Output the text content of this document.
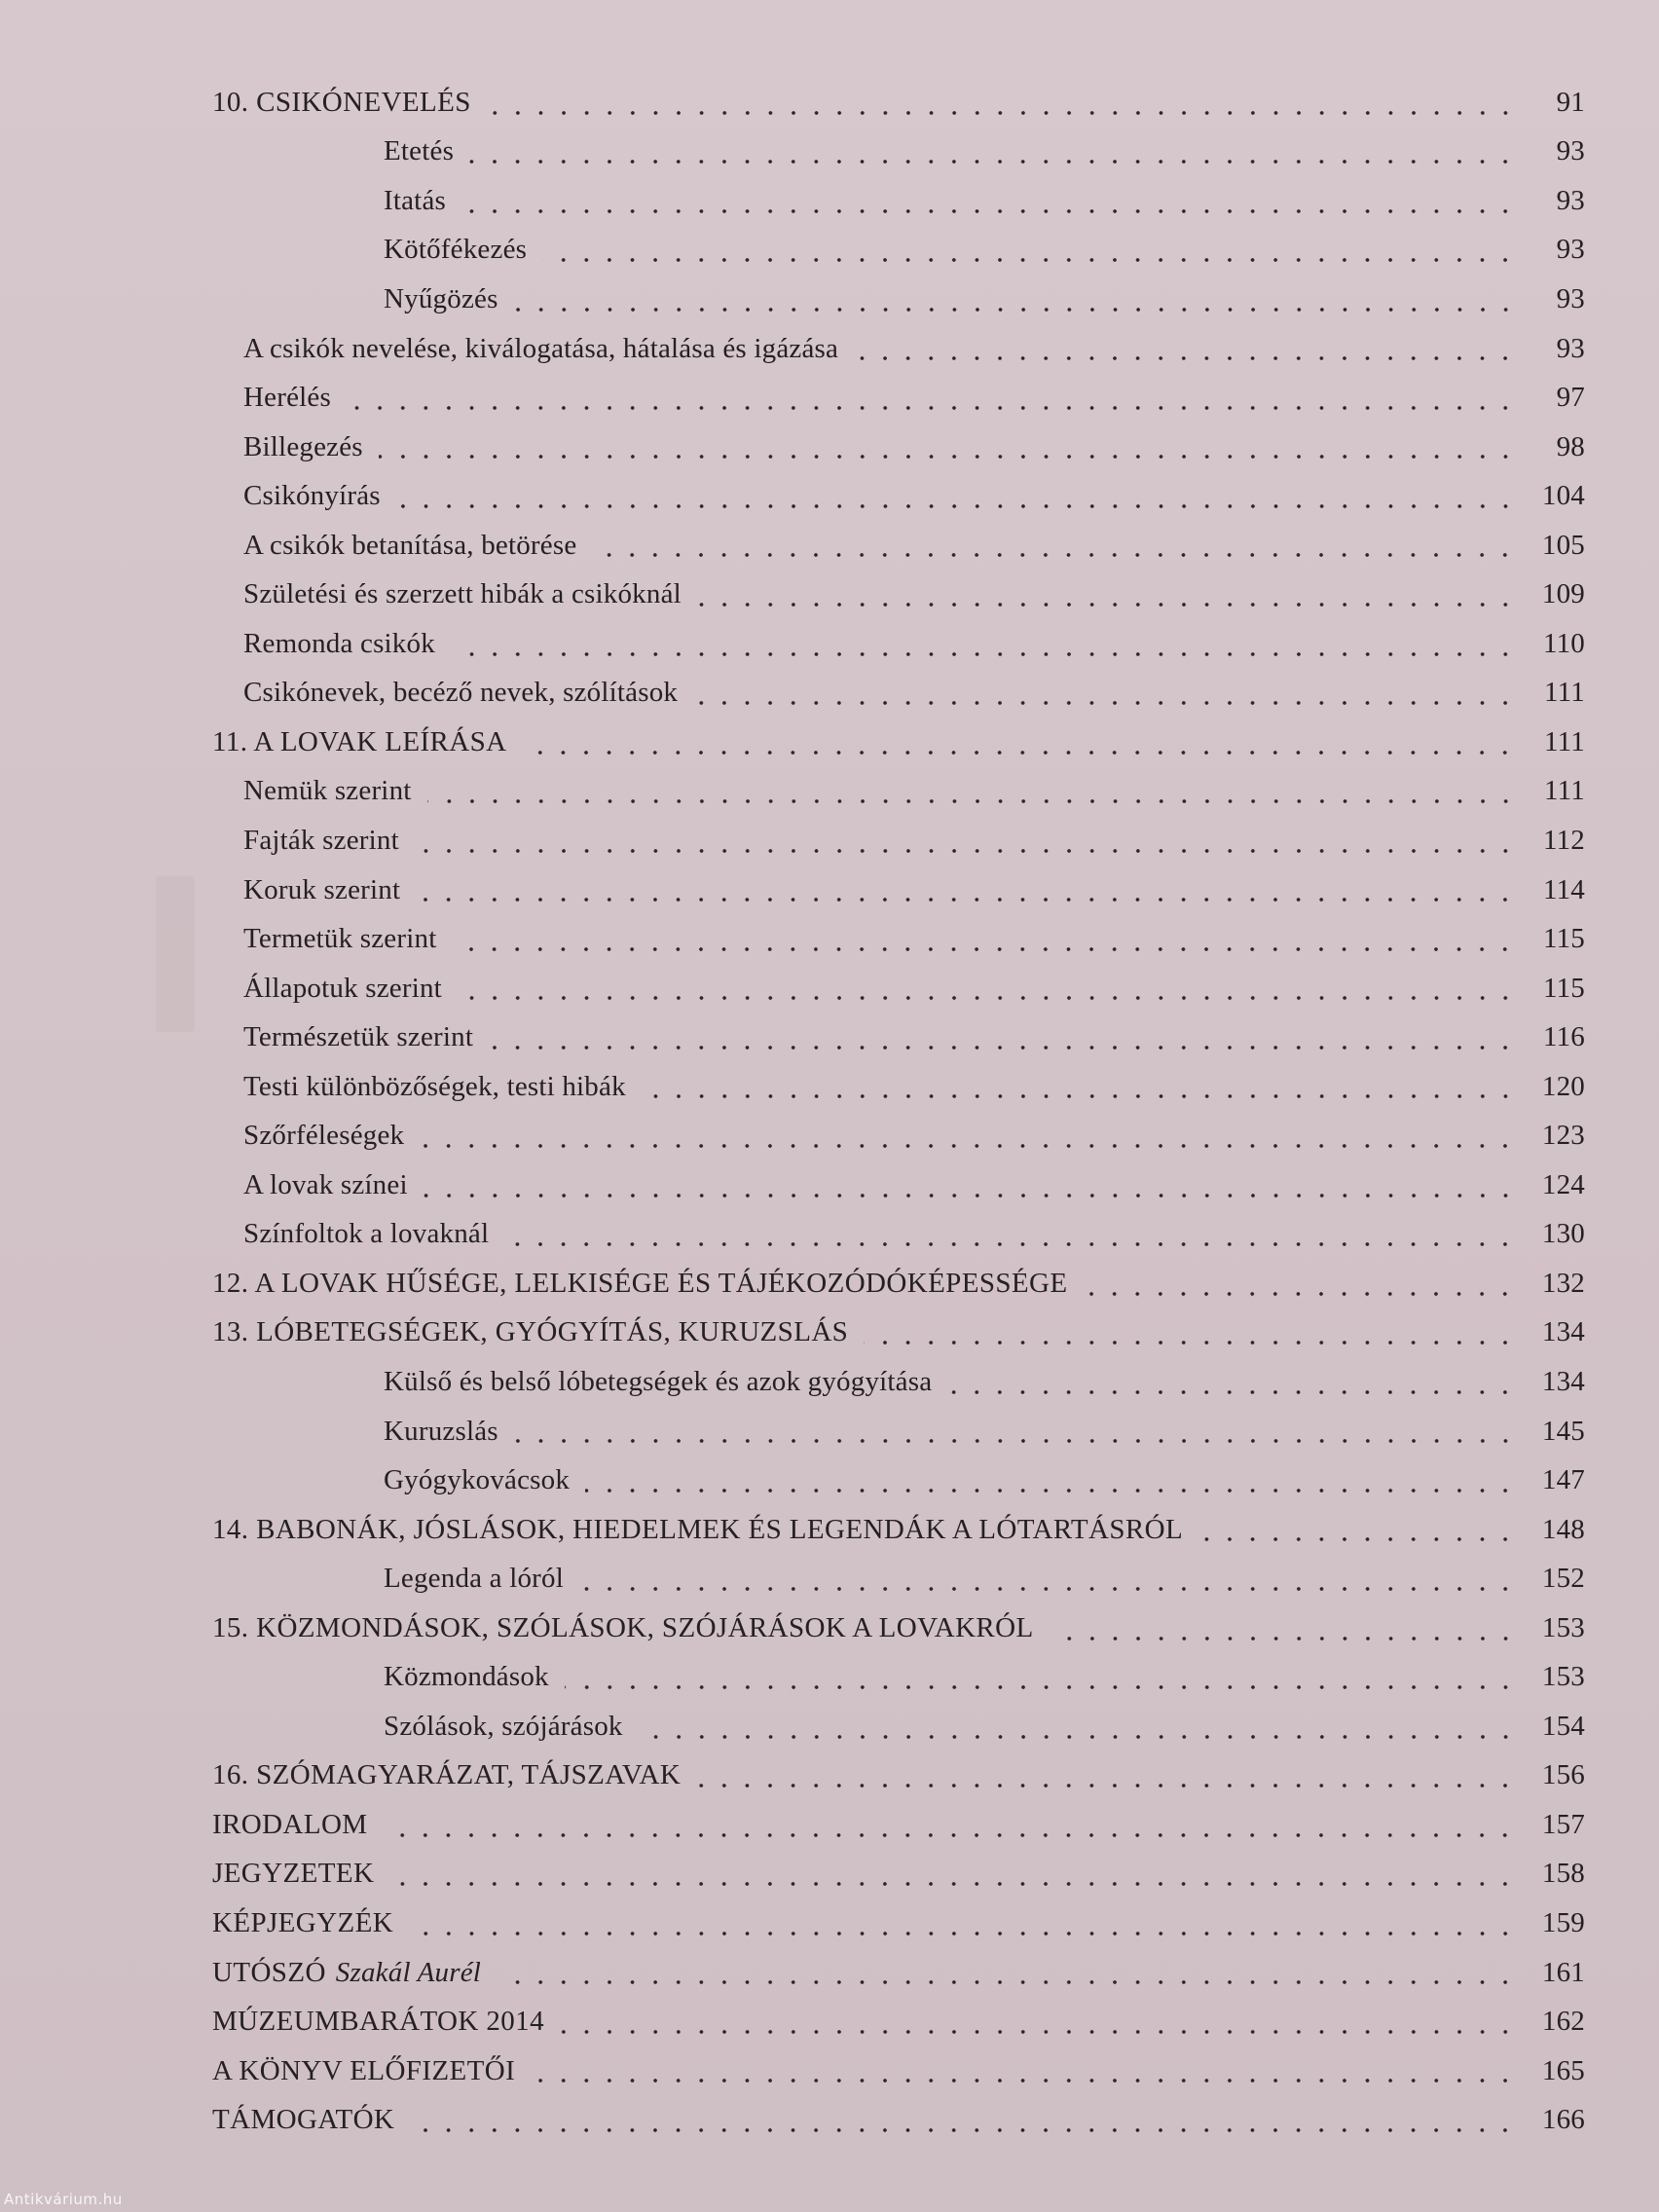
10. CSIKÓNEVELÉS	91
Etetés	93
Itatás	93
Kötőfékezés	93
Nyűgözés	93
A csikók nevelése, kiválogatása, hátalása és igázása	93
Herélés	97
Billegezés	98
Csikónyírás	104
A csikók betanítása, betörése	105
Születési és szerzett hibák a csikóknál	109
Remonda csikók	110
Csikónevek, becéző nevek, szólítások	111
11. A LOVAK LEÍRÁSA	111
Nemük szerint	111
Fajták szerint	112
Koruk szerint	114
Termetük szerint	115
Állapotuk szerint	115
Természetük szerint	116
Testi különbözőségek, testi hibák	120
Szőrféleségek	123
A lovak színei	124
Színfoltok a lovaknál	130
12. A LOVAK HŰSÉGE, LELKISÉGE ÉS TÁJÉKOZÓDÓKÉPESSÉGE	132
13. LÓBETEGSÉGEK, GYÓGYÍTÁS, KURUZSLÁS	134
Külső és belső lóbetegségek és azok gyógyítása	134
Kuruzslás	145
Gyógykovácsok	147
14. BABONÁK, JÓSLÁSOK, HIEDELMEK ÉS LEGENDÁK A LÓTARTÁSRÓL	148
Legenda a lóról	152
15. KÖZMONDÁSOK, SZÓLÁSOK, SZÓJÁRÁSOK A LOVAKRÓL	153
Közmondások	153
Szólások, szójárások	154
16. SZÓMAGYARÁZAT, TÁJSZAVAK	156
IRODALOM	157
JEGYZETEK	158
KÉPJEGYZÉK	159
UTÓSZÓ Szakál Aurél	161
MÚZEUMBARÁTOK 2014	162
A KÖNYV ELŐFIZETŐI	165
TÁMOGATÓK	166
Antikvárium.hu
